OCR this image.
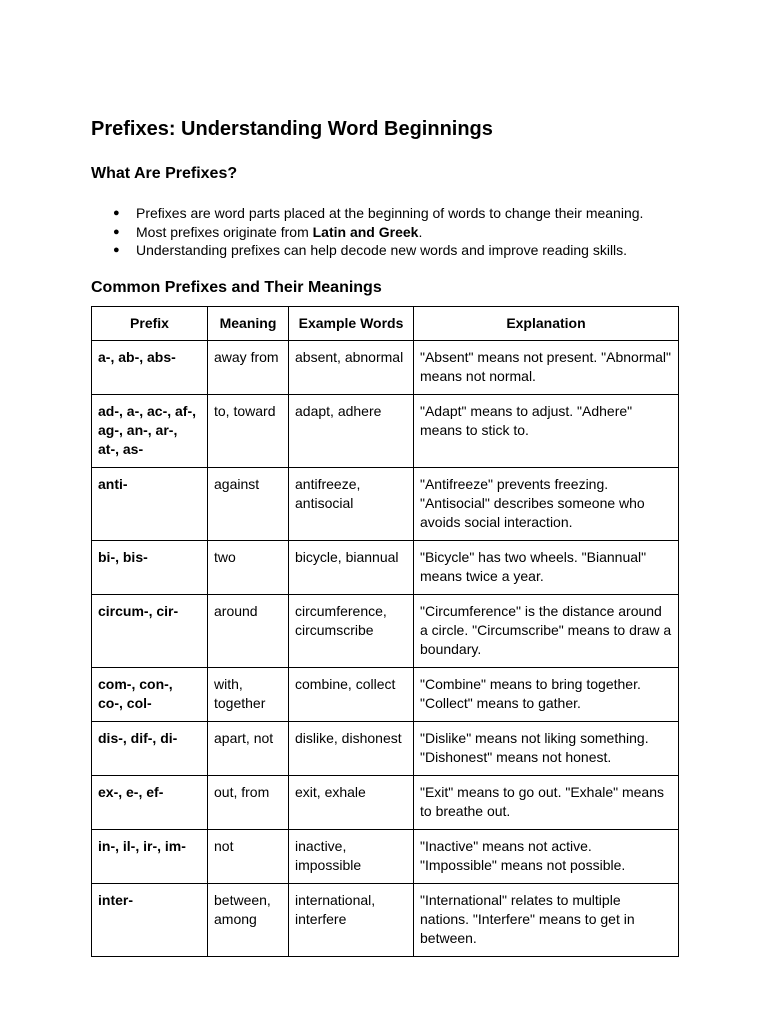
Prefixes: Understanding Word Beginnings
What Are Prefixes?
● Prefixes are word parts placed at the beginning of words to change their meaning.
● Most prefixes originate from Latin and Greek.
● Understanding prefixes can help decode new words and improve reading skills.
Common Prefixes and Their Meanings
Prefix	Meaning	Example Words	Explanation
a-, ab-, abs-	away from	absent, abnormal	"Absent" means not present. "Abnormal" means not normal.
ad-, a-, ac-, af-, ag-, an-, ar-, at-, as-	to, toward	adapt, adhere	"Adapt" means to adjust. "Adhere" means to stick to.
anti-	against	antifreeze, antisocial	"Antifreeze" prevents freezing. "Antisocial" describes someone who avoids social interaction.
bi-, bis-	two	bicycle, biannual	"Bicycle" has two wheels. "Biannual" means twice a year.
circum-, cir-	around	circumference, circumscribe	"Circumference" is the distance around a circle. "Circumscribe" means to draw a boundary.
com-, con-, co-, col-	with, together	combine, collect	"Combine" means to bring together. "Collect" means to gather.
dis-, dif-, di-	apart, not	dislike, dishonest	"Dislike" means not liking something. "Dishonest" means not honest.
ex-, e-, ef-	out, from	exit, exhale	"Exit" means to go out. "Exhale" means to breathe out.
in-, il-, ir-, im-	not	inactive, impossible	"Inactive" means not active. "Impossible" means not possible.
inter-	between, among	international, interfere	"International" relates to multiple nations. "Interfere" means to get in between.
